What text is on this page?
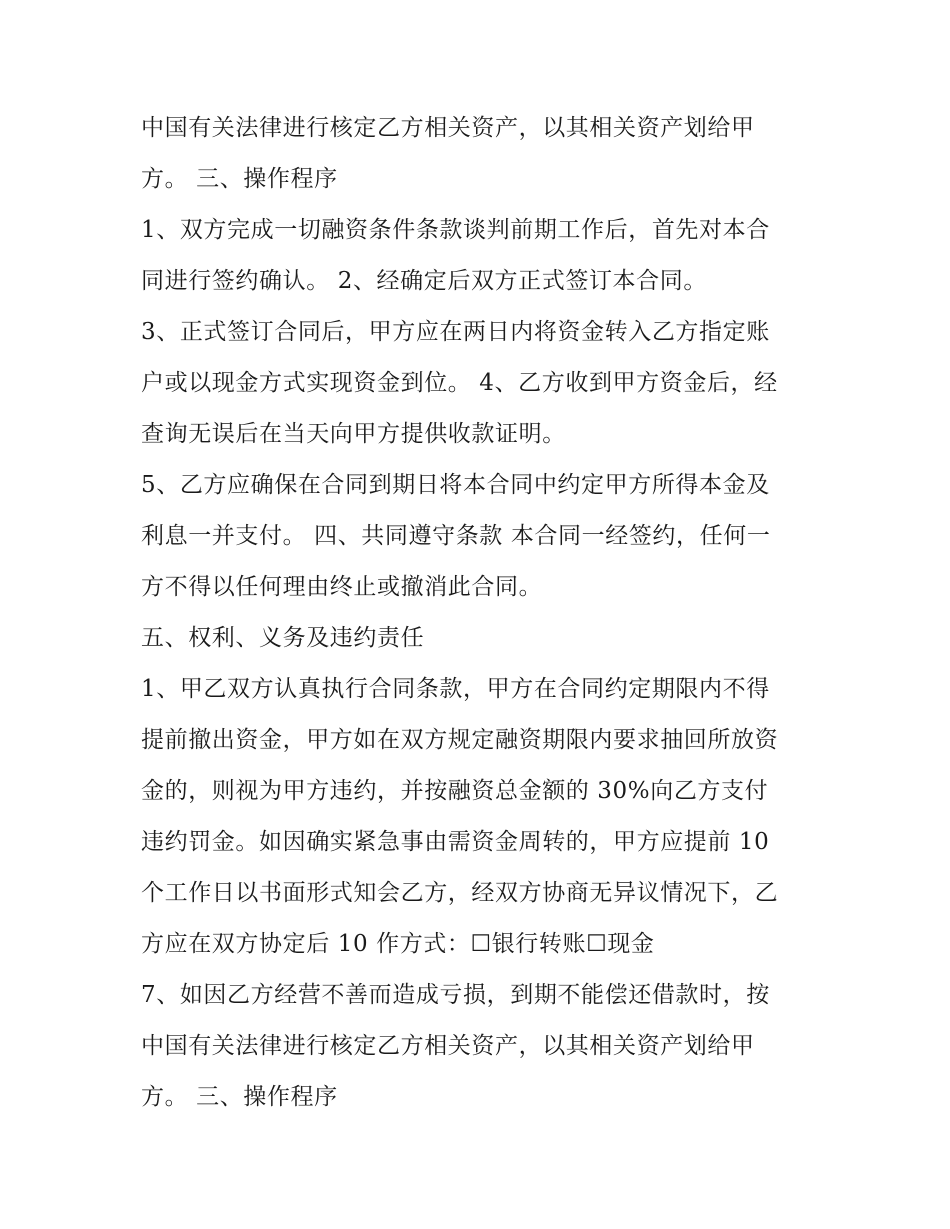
中国有关法律进行核定乙方相关资产，以其相关资产划给甲
方。 三、操作程序
1、双方完成一切融资条件条款谈判前期工作后，首先对本合
同进行签约确认。 2、经确定后双方正式签订本合同。
3、正式签订合同后，甲方应在两日内将资金转入乙方指定账
户或以现金方式实现资金到位。 4、乙方收到甲方资金后，经
查询无误后在当天向甲方提供收款证明。
5、乙方应确保在合同到期日将本合同中约定甲方所得本金及
利息一并支付。 四、共同遵守条款 本合同一经签约，任何一
方不得以任何理由终止或撤消此合同。
五、权利、义务及违约责任
1、甲乙双方认真执行合同条款，甲方在合同约定期限内不得
提前撤出资金，甲方如在双方规定融资期限内要求抽回所放资
金的，则视为甲方违约，并按融资总金额的 30%向乙方支付
违约罚金。如因确实紧急事由需资金周转的，甲方应提前 10
个工作日以书面形式知会乙方，经双方协商无异议情况下，乙
方应在双方协定后 10 作方式：☐银行转账☐现金
7、如因乙方经营不善而造成亏损，到期不能偿还借款时，按
中国有关法律进行核定乙方相关资产，以其相关资产划给甲
方。 三、操作程序
